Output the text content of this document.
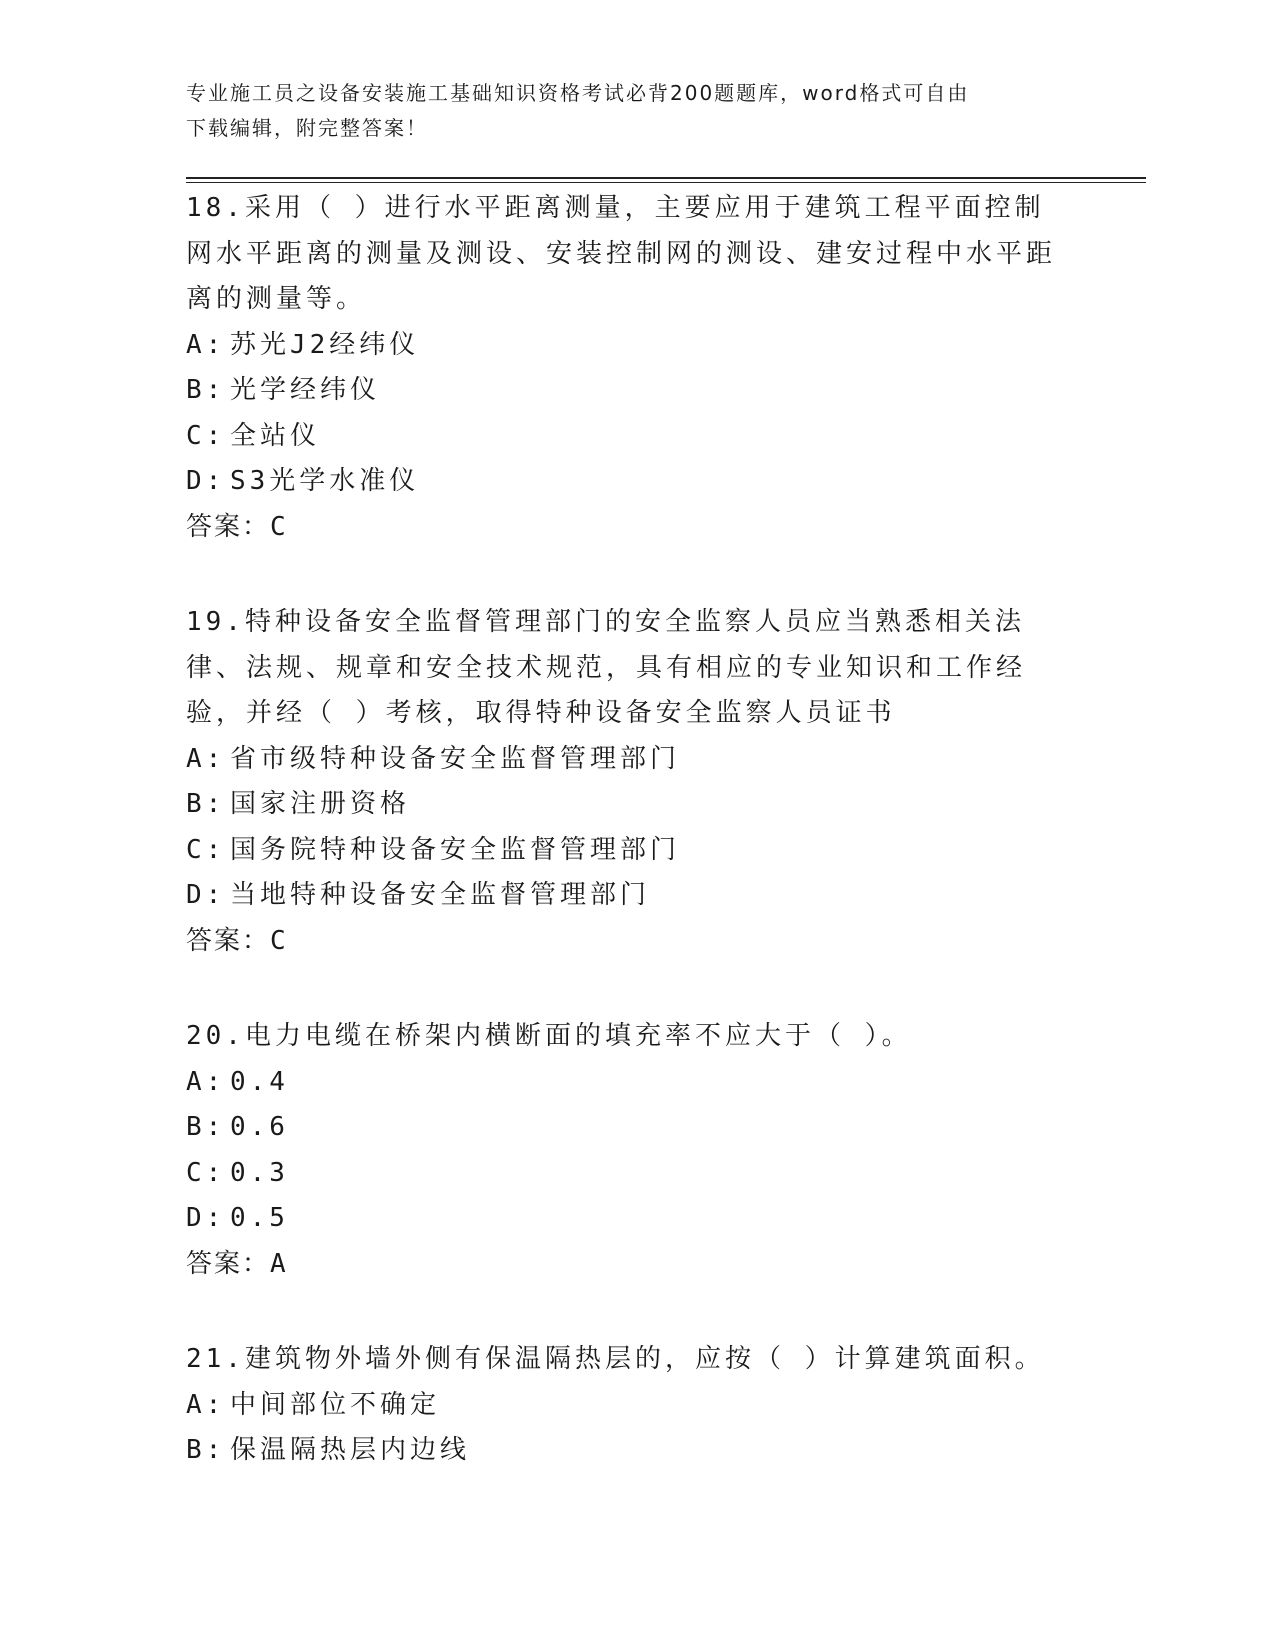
专业施工员之设备安装施工基础知识资格考试必背200题题库，word格式可自由
下载编辑，附完整答案！

18.采用（ ）进行水平距离测量，主要应用于建筑工程平面控制网水平距离的测量及测设、安装控制网的测设、建安过程中水平距离的测量等。

A: 苏光J2经纬仪
B: 光学经纬仪
C: 全站仪
D: S3光学水准仪
答案：C

19.特种设备安全监督管理部门的安全监察人员应当熟悉相关法律、法规、规章和安全技术规范，具有相应的专业知识和工作经验，并经（ ）考核，取得特种设备安全监察人员证书

A: 省市级特种设备安全监督管理部门
B: 国家注册资格
C: 国务院特种设备安全监督管理部门
D: 当地特种设备安全监督管理部门
答案：C

20.电力电缆在桥架内横断面的填充率不应大于（ ）。

A: 0.4
B: 0.6
C: 0.3
D: 0.5
答案：A

21.建筑物外墙外侧有保温隔热层的，应按（ ）计算建筑面积。

A: 中间部位不确定
B: 保温隔热层内边线
